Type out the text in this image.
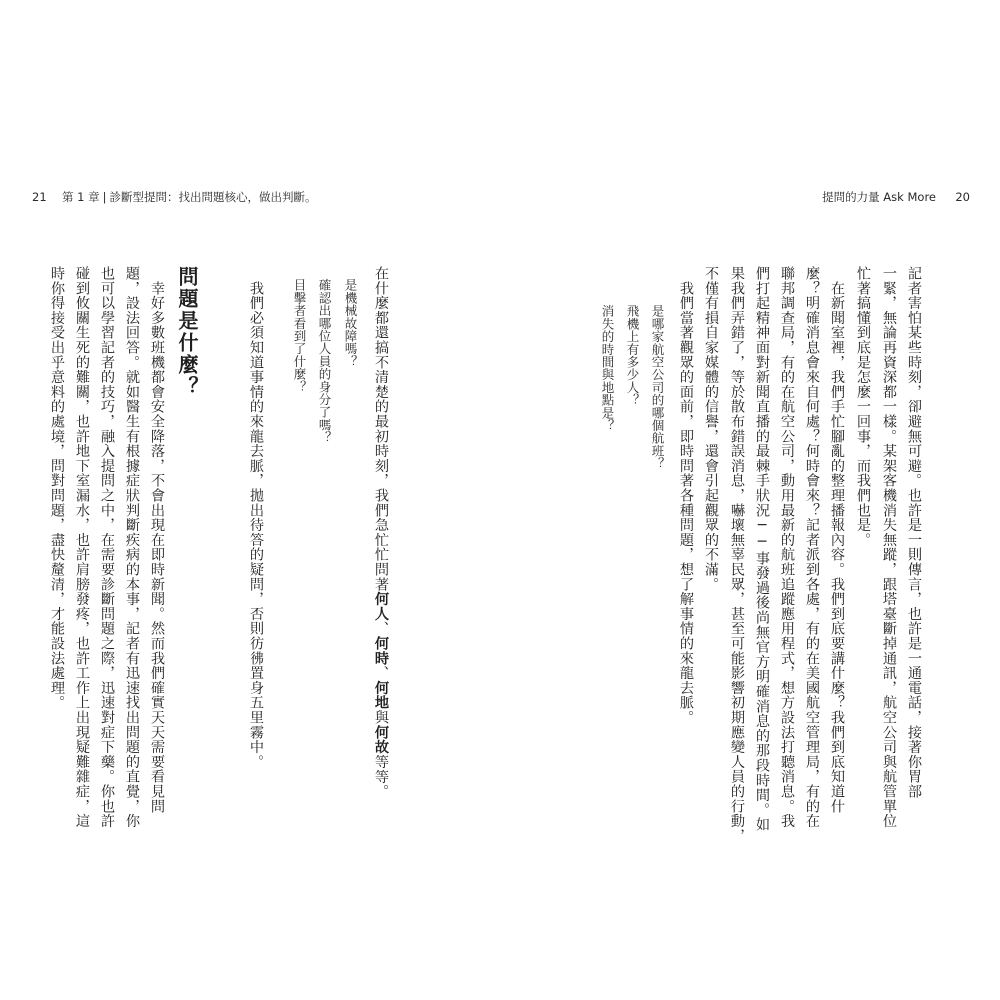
21 第 1 章 | 診斷型提問：找出問題核心，做出判斷。	提問的力量 Ask More 20
記者害怕某些時刻，卻避無可避。也許是一則傳言，也許是一通電話，接著你胃部
一緊，無論再資深都一樣。某架客機消失無蹤，跟塔臺斷掉通訊，航空公司與航管單位
忙著搞懂到底是怎麼一回事，而我們也是。
　在新聞室裡，我們手忙腳亂的整理播報內容。我們到底要講什麼？我們到底知道什
麼？明確消息會來自何處？何時會來？記者派到各處，有的在美國航空管理局，有的在
聯邦調查局，有的在航空公司，動用最新的航班追蹤應用程式，想方設法打聽消息。我
們打起精神面對新聞直播的最棘手狀況──事發過後尚無官方明確消息的那段時間。如
果我們弄錯了，等於散布錯誤消息，嚇壞無辜民眾，甚至可能影響初期應變人員的行動，
不僅有損自家媒體的信譽，還會引起觀眾的不滿。
　我們當著觀眾的面前，即時問著各種問題，想了解事情的來龍去脈。
　是哪家航空公司的哪個航班？
　飛機上有多少人？
　消失的時間與地點是？
在什麼都還搞不清楚的最初時刻，我們急忙忙問著何人、何時、何地與何故等等。
　是機械故障嗎？
　確認出哪位人員的身分了嗎？
　目擊者看到了什麼？
　我們必須知道事情的來龍去脈，拋出待答的疑問，否則彷彿置身五里霧中。
問題是什麼？
　幸好多數班機都會安全降落，不會出現在即時新聞。然而我們確實天天需要看見問
題，設法回答。就如醫生有根據症狀判斷疾病的本事，記者有迅速找出問題的直覺，你
也可以學習記者的技巧，融入提問之中，在需要診斷問題之際，迅速對症下藥。你也許
碰到攸關生死的難關，也許地下室漏水，也許肩膀發疼，也許工作上出現疑難雜症，這
時你得接受出乎意料的處境，問對問題，盡快釐清，才能設法處理。
